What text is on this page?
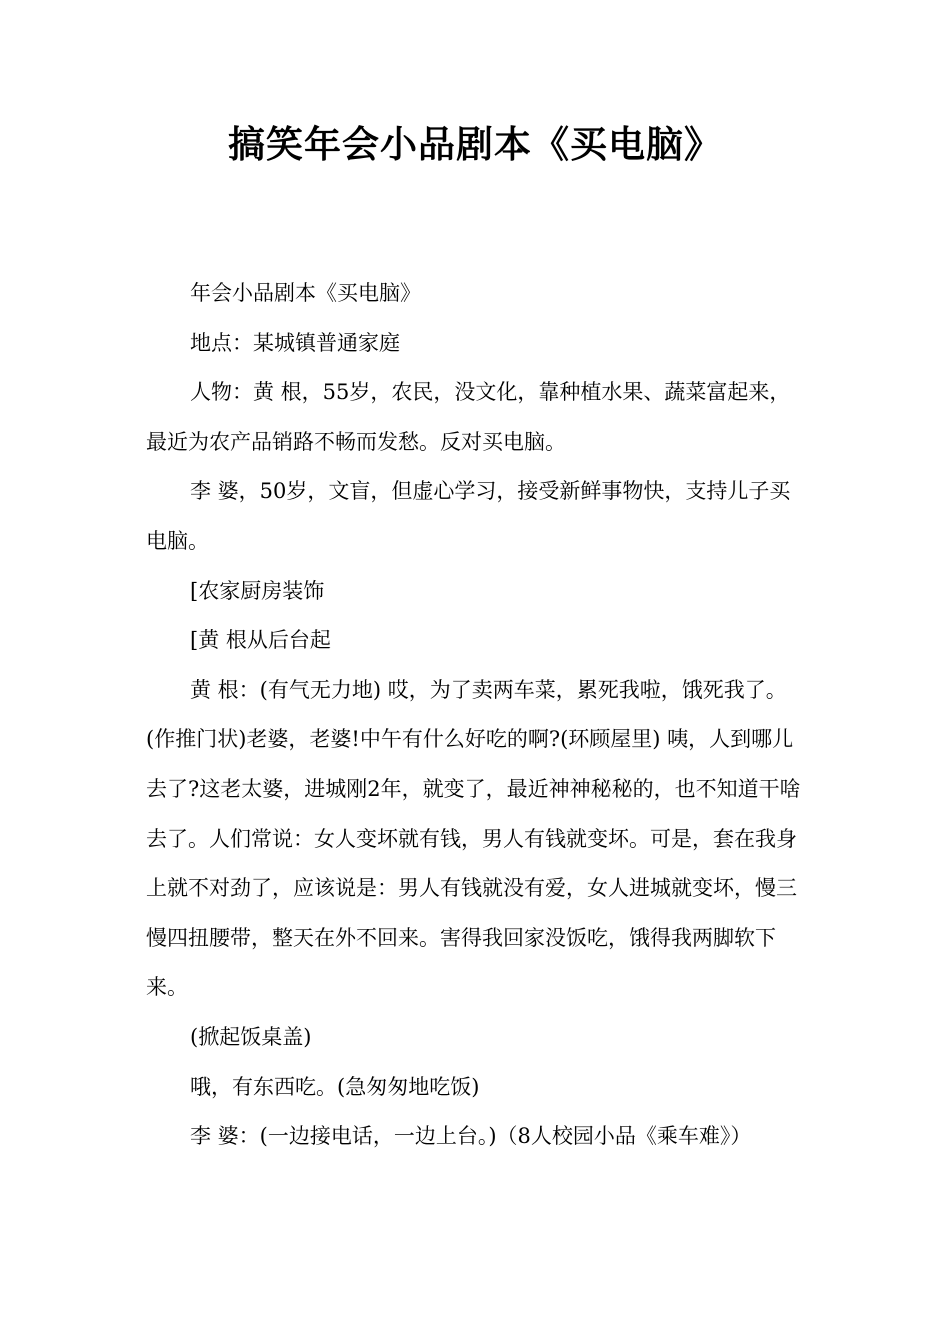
搞笑年会小品剧本《买电脑》

年会小品剧本《买电脑》

地点：某城镇普通家庭

人物：黄 根，55岁，农民，没文化，靠种植水果、蔬菜富起来，最近为农产品销路不畅而发愁。反对买电脑。

李 婆，50岁，文盲，但虚心学习，接受新鲜事物快，支持儿子买电脑。

[农家厨房装饰

[黄 根从后台起

黄 根：(有气无力地) 哎，为了卖两车菜，累死我啦，饿死我了。(作推门状)老婆，老婆!中午有什么好吃的啊?(环顾屋里) 咦，人到哪儿去了?这老太婆，进城刚2年，就变了，最近神神秘秘的，也不知道干啥去了。人们常说：女人变坏就有钱，男人有钱就变坏。可是，套在我身上就不对劲了，应该说是：男人有钱就没有爱，女人进城就变坏，慢三慢四扭腰带，整天在外不回来。害得我回家没饭吃，饿得我两脚软下来。

(掀起饭桌盖)

哦，有东西吃。(急匆匆地吃饭)

李 婆：(一边接电话，一边上台。)（8人校园小品《乘车难》）
